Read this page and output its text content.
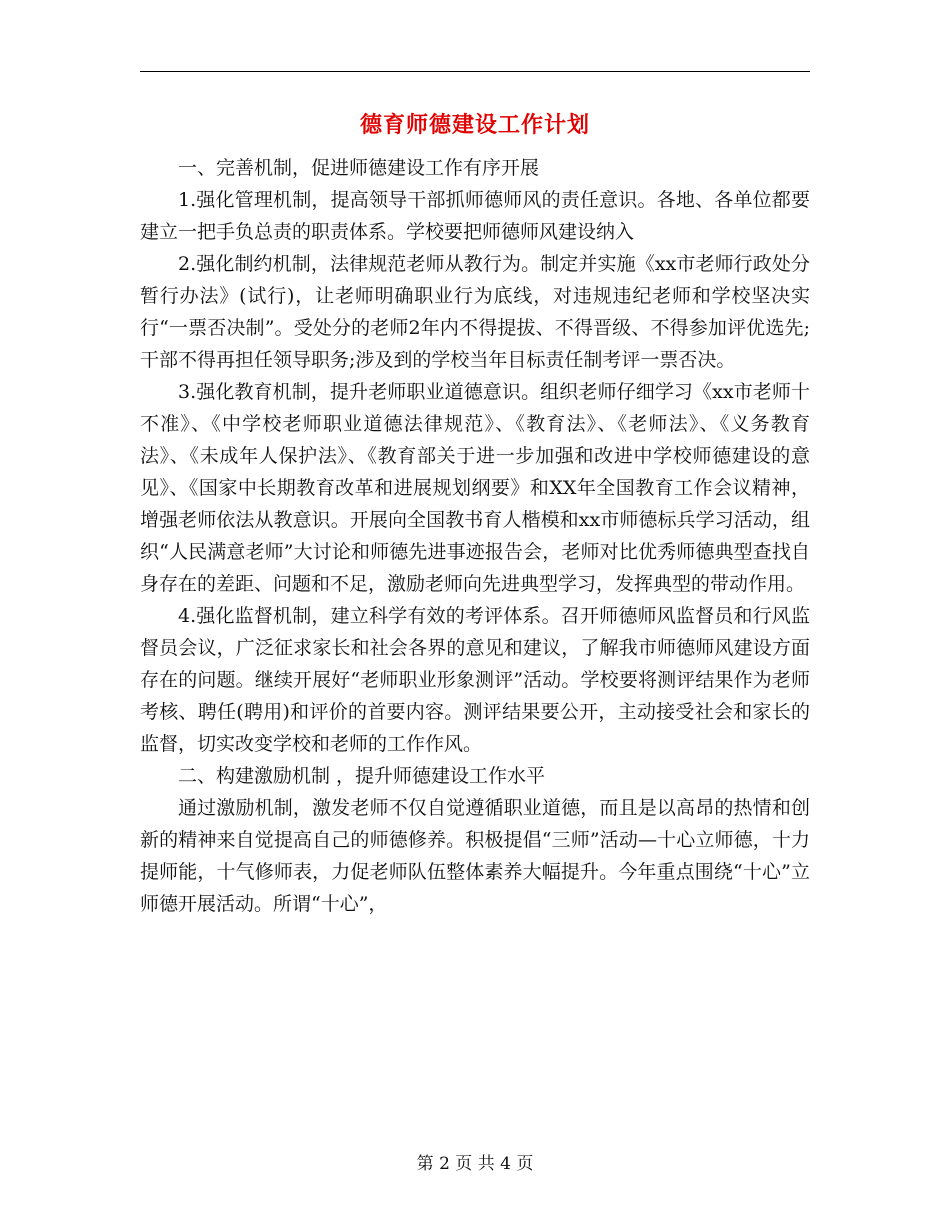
德育师德建设工作计划

一、完善机制，促进师德建设工作有序开展

1.强化管理机制，提高领导干部抓师德师风的责任意识。各地、各单位都要建立一把手负总责的职责体系。学校要把师德师风建设纳入

2.强化制约机制，法律规范老师从教行为。制定并实施《xx市老师行政处分暂行办法》(试行)，让老师明确职业行为底线，对违规违纪老师和学校坚决实行“一票否决制”。受处分的老师2年内不得提拔、不得晋级、不得参加评优选先;干部不得再担任领导职务;涉及到的学校当年目标责任制考评一票否决。

3.强化教育机制，提升老师职业道德意识。组织老师仔细学习《xx市老师十不准》、《中学校老师职业道德法律规范》、《教育法》、《老师法》、《义务教育法》、《未成年人保护法》、《教育部关于进一步加强和改进中学校师德建设的意见》、《国家中长期教育改革和进展规划纲要》和XX年全国教育工作会议精神，增强老师依法从教意识。开展向全国教书育人楷模和xx市师德标兵学习活动，组织“人民满意老师”大讨论和师德先进事迹报告会，老师对比优秀师德典型查找自身存在的差距、问题和不足，激励老师向先进典型学习，发挥典型的带动作用。

4.强化监督机制，建立科学有效的考评体系。召开师德师风监督员和行风监督员会议，广泛征求家长和社会各界的意见和建议，了解我市师德师风建设方面存在的问题。继续开展好“老师职业形象测评”活动。学校要将测评结果作为老师考核、聘任(聘用)和评价的首要内容。测评结果要公开，主动接受社会和家长的监督，切实改变学校和老师的工作作风。

二、构建激励机制 ，提升师德建设工作水平

通过激励机制，激发老师不仅自觉遵循职业道德，而且是以高昂的热情和创新的精神来自觉提高自己的师德修养。积极提倡“三师”活动—十心立师德，十力提师能，十气修师表，力促老师队伍整体素养大幅提升。今年重点围绕“十心”立师德开展活动。所谓“十心”，

第 2 页 共 4 页
